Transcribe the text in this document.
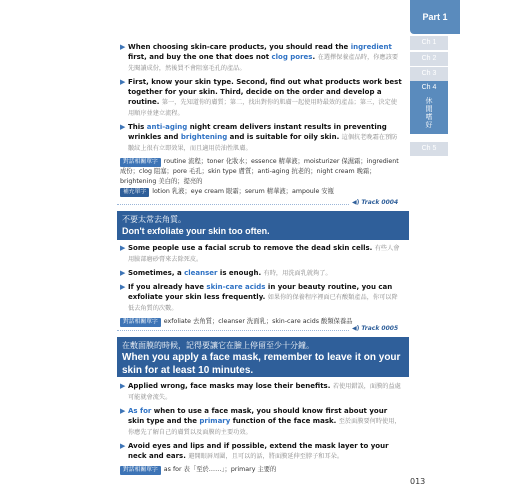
Part 1
Ch 1
Ch 2
Ch 3
Ch 4
休閒嗜好
Ch 5
▶ When choosing skin-care products, you should read the ingredient first, and buy the one that does not clog pores. 在選擇保養產品時，你應該要先閱讀成份，然後買不會阻塞毛孔的產品。
▶ First, know your skin type. Second, find out what products work best together for your skin. Third, decide on the order and develop a routine. 第一，先知道你的膚質；第二，找出對你的肌膚一起使用時最效的產品；第三，決定使用順序並建立流程。
▶ This anti-aging night cream delivers instant results in preventing wrinkles and brightening and is suitable for oily skin. 這個抗老晚霜在預防皺紋上很有立即效果，而且適用於油性肌膚。
對話相關單字 routine 流程；toner 化妝水；essence 精華液；moisturizer 保濕霜；ingredient 成份；clog 阻塞；pore 毛孔；skin type 膚質；anti-aging 抗老的；night cream 晚霜；brightening 美白的；提亮的
補充單字 lotion 乳液；eye cream 眼霜；serum 精華液；ampoule 安瓶
◀) Track 0004
不要太常去角質。
Don't exfoliate your skin too often.
▶ Some people use a facial scrub to remove the dead skin cells. 有些人會用臉部磨砂膏來去除死皮。
▶ Sometimes, a cleanser is enough. 有時，用洗面乳就夠了。
▶ If you already have skin-care acids in your beauty routine, you can exfoliate your skin less frequently. 如果你的保養程序裡面已有酸類產品，你可以降低去角質的次數。
對話相關單字 exfoliate 去角質；cleanser 洗面乳；skin-care acids 酸類保養品
◀) Track 0005
在敷面膜的時候，記得要讓它在臉上停留至少十分鐘。
When you apply a face mask, remember to leave it on your skin for at least 10 minutes.
▶ Applied wrong, face masks may lose their benefits. 若使用錯誤，面膜的益處可能就會流失。
▶ As for when to use a face mask, you should know first about your skin type and the primary function of the face mask. 至於面膜要何時使用，你應先了解自己的膚質以及面膜的主要功效。
▶ Avoid eyes and lips and if possible, extend the mask layer to your neck and ears. 避開眼唇周圍，且可以的話，將面膜延伸至脖子和耳朵。
對話相關單字 as for 表「至於……」；primary 主要的
013
